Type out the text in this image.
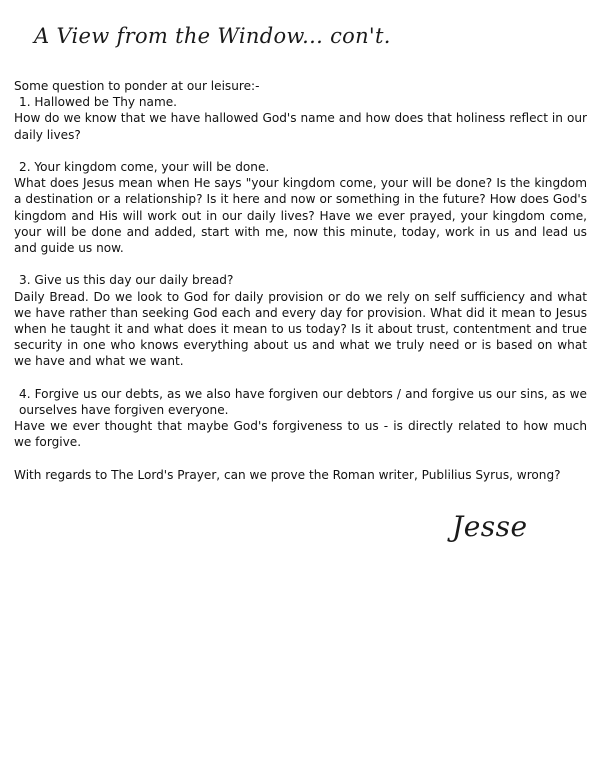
A View from the Window... con't.

Some question to ponder at our leisure:-

1. Hallowed be Thy name.

How do we know that we have hallowed God's name and how does that holiness reflect in our daily lives?

2. Your kingdom come, your will be done.

What does Jesus mean when He says "your kingdom come, your will be done? Is the kingdom a destination or a relationship? Is it here and now or something in the future? How does God's kingdom and His will work out in our daily lives? Have we ever prayed, your kingdom come, your will be done and added, start with me, now this minute, today, work in us and lead us and guide us now.

3. Give us this day our daily bread?

Daily Bread. Do we look to God for daily provision or do we rely on self sufficiency and what we have rather than seeking God each and every day for provision. What did it mean to Jesus when he taught it and what does it mean to us today? Is it about trust, contentment and true security in one who knows everything about us and what we truly need or is based on what we have and what we want.

4. Forgive us our debts, as we also have forgiven our debtors / and forgive us our sins, as we ourselves have forgiven everyone.

Have we ever thought that maybe God's forgiveness to us - is directly related to how much we forgive.

With regards to The Lord's Prayer, can we prove the Roman writer, Publilius Syrus, wrong?

Jesse
